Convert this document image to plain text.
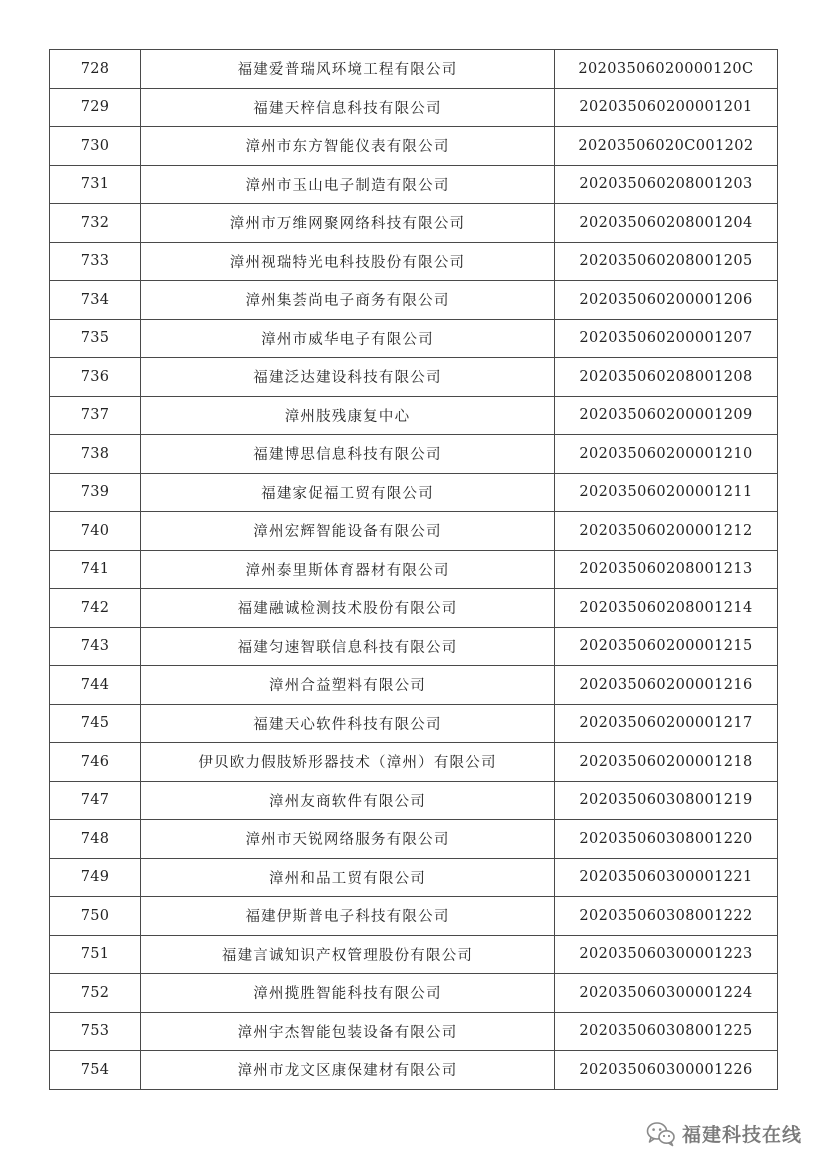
728	福建爱普瑞风环境工程有限公司	20203506020000120C
729	福建天梓信息科技有限公司	202035060200001201
730	漳州市东方智能仪表有限公司	20203506020C001202
731	漳州市玉山电子制造有限公司	202035060208001203
732	漳州市万维网聚网络科技有限公司	202035060208001204
733	漳州视瑞特光电科技股份有限公司	202035060208001205
734	漳州集荟尚电子商务有限公司	202035060200001206
735	漳州市威华电子有限公司	202035060200001207
736	福建泛达建设科技有限公司	202035060208001208
737	漳州肢残康复中心	202035060200001209
738	福建博思信息科技有限公司	202035060200001210
739	福建家促福工贸有限公司	202035060200001211
740	漳州宏辉智能设备有限公司	202035060200001212
741	漳州泰里斯体育器材有限公司	202035060208001213
742	福建融诚检测技术股份有限公司	202035060208001214
743	福建匀速智联信息科技有限公司	202035060200001215
744	漳州合益塑料有限公司	202035060200001216
745	福建天心软件科技有限公司	202035060200001217
746	伊贝欧力假肢矫形器技术（漳州）有限公司	202035060200001218
747	漳州友商软件有限公司	202035060308001219
748	漳州市天锐网络服务有限公司	202035060308001220
749	漳州和品工贸有限公司	202035060300001221
750	福建伊斯普电子科技有限公司	202035060308001222
751	福建言诚知识产权管理股份有限公司	202035060300001223
752	漳州揽胜智能科技有限公司	202035060300001224
753	漳州宇杰智能包装设备有限公司	202035060308001225
754	漳州市龙文区康保建材有限公司	202035060300001226
福建科技在线
